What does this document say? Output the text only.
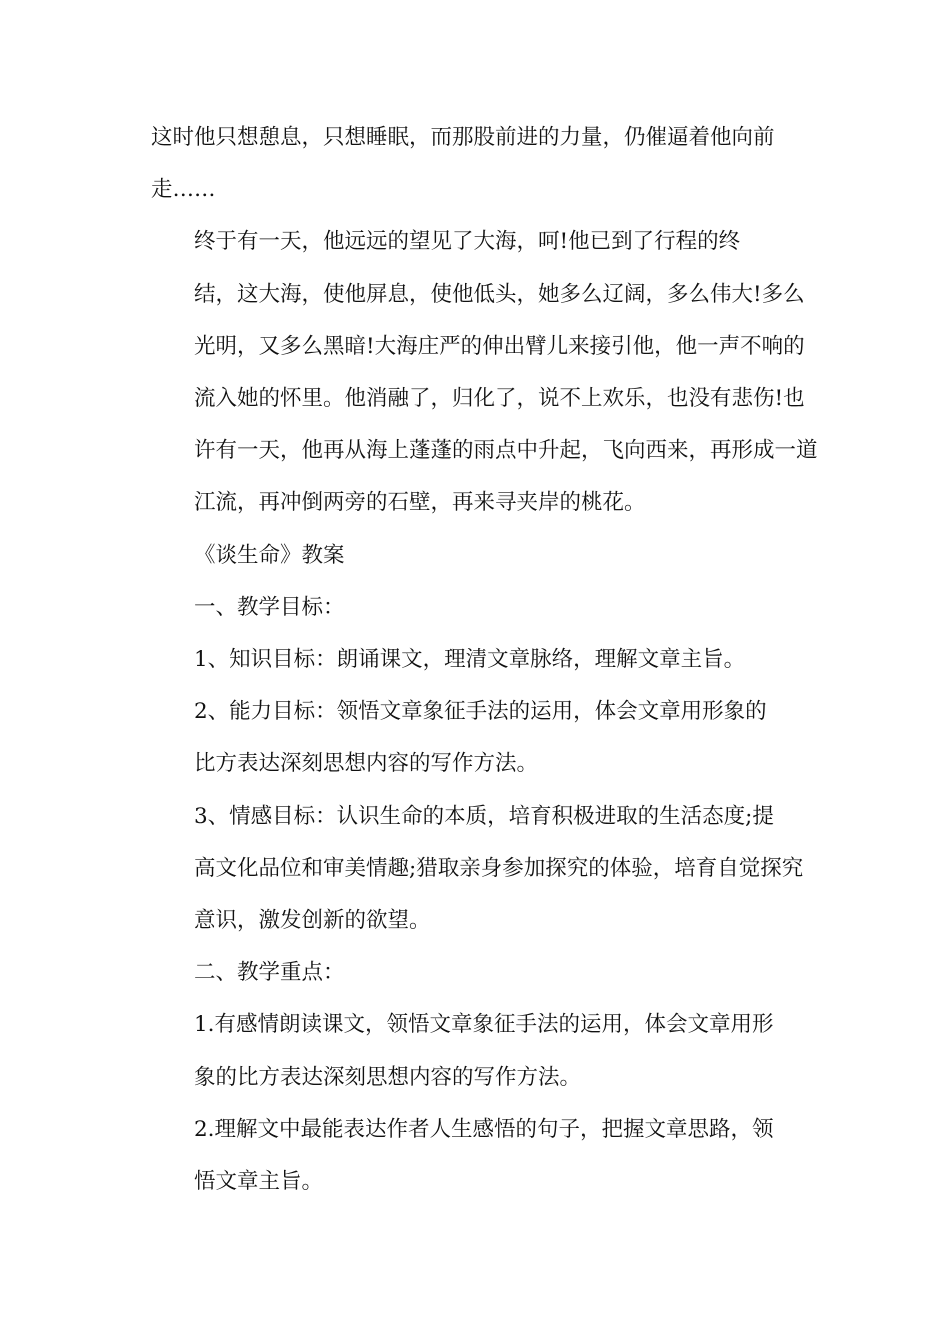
这时他只想憩息，只想睡眠，而那股前进的力量，仍催逼着他向前
走……

终于有一天，他远远的望见了大海，呵!他已到了行程的终
结，这大海，使他屏息，使他低头，她多么辽阔，多么伟大!多么
光明，又多么黑暗!大海庄严的伸出臂儿来接引他，他一声不响的
流入她的怀里。他消融了，归化了，说不上欢乐，也没有悲伤!也
许有一天，他再从海上蓬蓬的雨点中升起，飞向西来，再形成一道
江流，再冲倒两旁的石壁，再来寻夹岸的桃花。

《谈生命》教案

一、教学目标：

1、知识目标：朗诵课文，理清文章脉络，理解文章主旨。

2、能力目标：领悟文章象征手法的运用，体会文章用形象的
比方表达深刻思想内容的写作方法。

3、情感目标：认识生命的本质，培育积极进取的生活态度;提
高文化品位和审美情趣;猎取亲身参加探究的体验，培育自觉探究
意识，激发创新的欲望。

二、教学重点：

1.有感情朗读课文，领悟文章象征手法的运用，体会文章用形
象的比方表达深刻思想内容的写作方法。

2.理解文中最能表达作者人生感悟的句子，把握文章思路，领
悟文章主旨。
